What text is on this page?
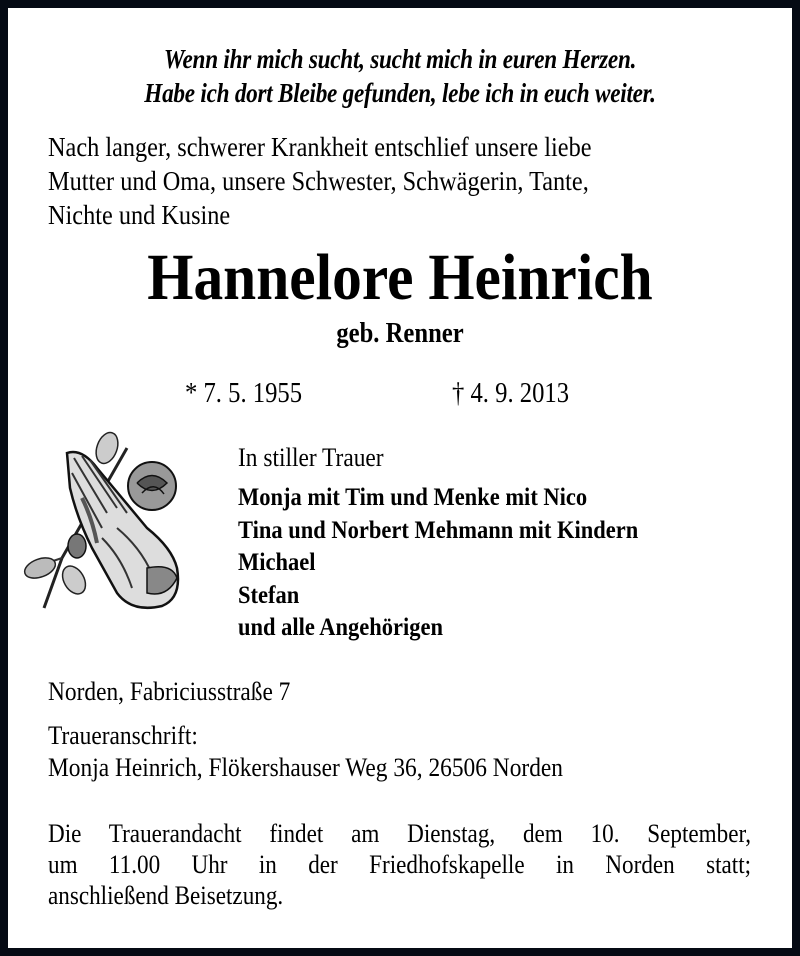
Wenn ihr mich sucht, sucht mich in euren Herzen.
Habe ich dort Bleibe gefunden, lebe ich in euch weiter.
Nach langer, schwerer Krankheit entschlief unsere liebe
Mutter und Oma, unsere Schwester, Schwägerin, Tante,
Nichte und Kusine
Hannelore Heinrich
geb. Renner
* 7. 5. 1955	† 4. 9. 2013
In stiller Trauer
Monja mit Tim und Menke mit Nico
Tina und Norbert Mehmann mit Kindern
Michael
Stefan
und alle Angehörigen
Norden, Fabriciusstraße 7
Traueranschrift:
Monja Heinrich, Flökershauser Weg 36, 26506 Norden
Die Trauerandacht findet am Dienstag, dem 10. September,
um 11.00 Uhr in der Friedhofskapelle in Norden statt;
anschließend Beisetzung.
